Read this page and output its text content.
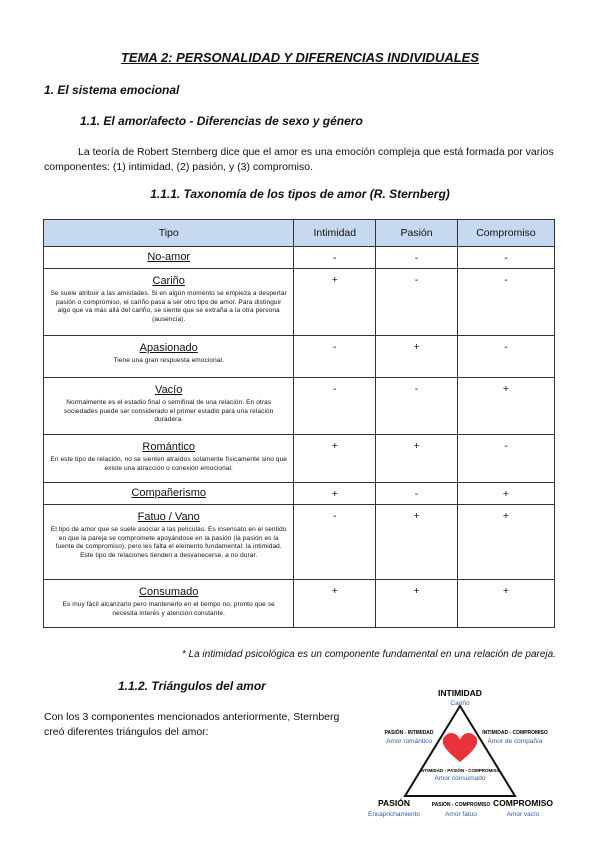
TEMA 2: PERSONALIDAD Y DIFERENCIAS INDIVIDUALES
1. El sistema emocional
1.1. El amor/afecto - Diferencias de sexo y género
La teoría de Robert Sternberg dice que el amor es una emoción compleja que está formada por varios componentes: (1) intimidad, (2) pasión, y (3) compromiso.
1.1.1. Taxonomía de los tipos de amor (R. Sternberg)
Tipo	Intimidad	Pasión	Compromiso

No-amor	-	-	-

Cariño
Se suele atribuir a las amistades. Si en algún momento se empieza a despertar pasión o compromiso, el cariño pasa a ser otro tipo de amor. Para distinguir algo que va más allá del cariño, se siente que se extraña a la otra persona (ausencia).	+	-	-

Apasionado
Tiene una gran respuesta emocional.	-	+	-

Vacío
Normalmente es el estadio final o semifinal de una relación. En otras sociedades puede ser considerado el primer estadio para una relación duradera.	-	-	+

Romántico
En este tipo de relación, no se sienten atraídos solamente físicamente sino que existe una atracción o conexión emocional.	+	+	-

Compañerismo	+	-	+

Fatuo / Vano
El tipo de amor que se suele asociar a las películas. Es insensato en el sentido en que la pareja se compromete apoyándose en la pasión (la pasión es la fuente de compromiso), pero les falta el elemento fundamental: la intimidad. Este tipo de relaciones tienden a desvanecerse, a no durar.	-	+	+

Consumado
Es muy fácil alcanzarlo pero mantenerlo en el tiempo no, pronto que se necesita interés y atención constante.	+	+	+
* La intimidad psicológica es un componente fundamental en una relación de pareja.
1.1.2. Triángulos del amor
Con los 3 componentes mencionados anteriormente, Sternberg creó diferentes triángulos del amor:
INTIMIDAD
Cariño
PASIÓN - INTIMIDAD
Amor romántico
INTIMIDAD - COMPROMISO
Amor de compañía
INTIMIDAD - PASIÓN - COMPROMISO
Amor consumado
PASIÓN
Encaprichamiento
PASIÓN - COMPROMISO
Amor fatuo
COMPROMISO
Amor vacío
